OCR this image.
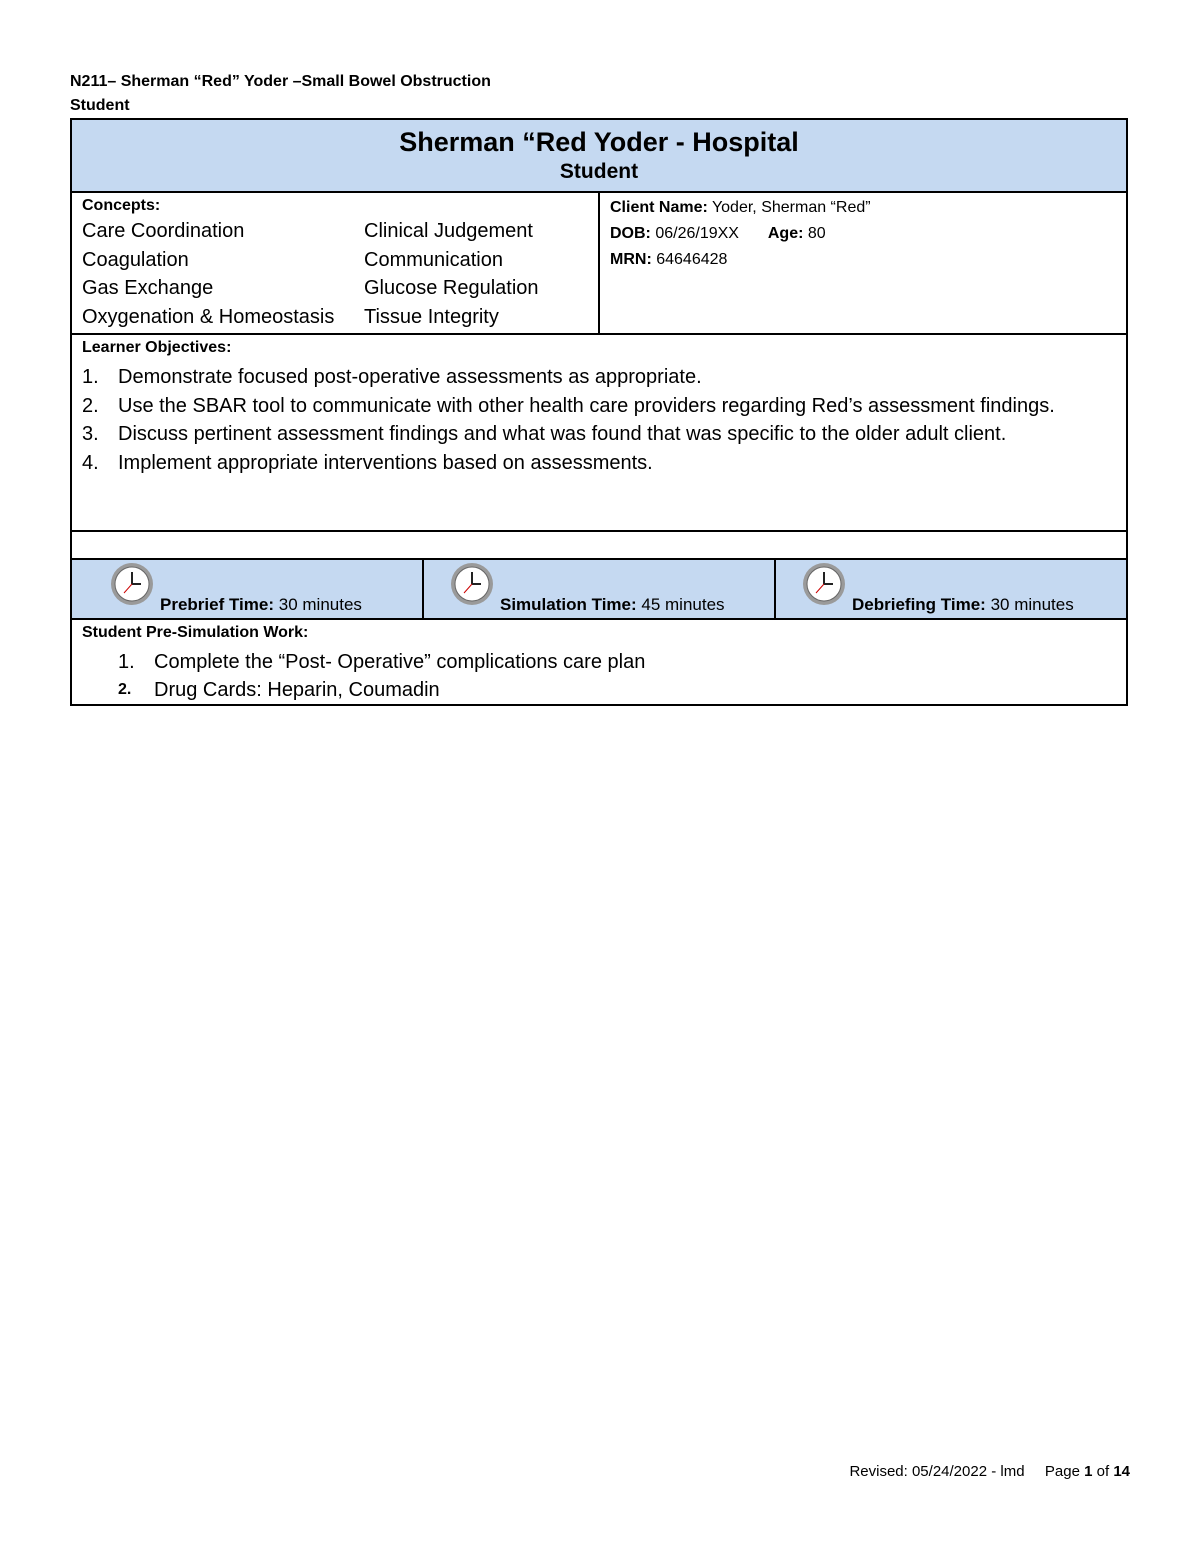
N211– Sherman “Red” Yoder –Small Bowel Obstruction
Student
Sherman “Red Yoder - Hospital
Student
Concepts:
Care Coordination	Clinical Judgement
Coagulation	Communication
Gas Exchange	Glucose Regulation
Oxygenation & Homeostasis	Tissue Integrity
Client Name: Yoder, Sherman “Red”
DOB: 06/26/19XX Age: 80
MRN: 64646428
Learner Objectives:
1. Demonstrate focused post-operative assessments as appropriate.
2. Use the SBAR tool to communicate with other health care providers regarding Red’s assessment findings.
3. Discuss pertinent assessment findings and what was found that was specific to the older adult client.
4. Implement appropriate interventions based on assessments.
Prebrief Time: 30 minutes	Simulation Time: 45 minutes	Debriefing Time: 30 minutes
Student Pre-Simulation Work:
1. Complete the “Post- Operative” complications care plan
2. Drug Cards: Heparin, Coumadin
Revised: 05/24/2022 - lmd Page 1 of 14
